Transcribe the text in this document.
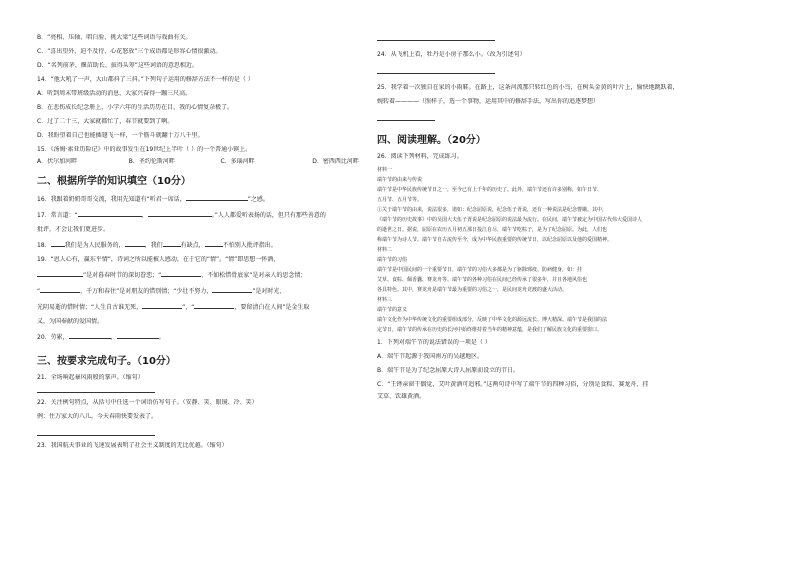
B．“亮相、压轴、唱白脸、挑大梁”这些词语与戏曲有关。

C．“喜出望外、迫不及待、心花怒放”三个成语都是形容心情很激动。

D．“名列前茅、揠苗助长、拔得头筹”这些词语的意思相近。

14．“他大吼了一声，大山都抖了三抖。”下列句子运用的修辞方法不一样的是（ ）

A．听到周末带班级活动的消息，大家兴奋得一蹦三尺高。

B．在悲伤成长纪念册上，小学六年的生活历历在目，我的心情复杂极了。

C．过了二十三，大家就都忙了，春节就要到了啊。

D．我盼望着自己也能插翅飞一样，一个筋斗就翻十万八千里。

15．《汤姆·索亚历险记》中的故事发生在19世纪上半叶（ ）的一个普通小镇上。

A．伏尔加河畔	B．圣约伦斯河畔	C．多瑙河畔	D．密西西比河畔

二、根据所学的知识填空（10分）

16．我跟着奶奶哥哥交流，我用先知道有“听君一席话，	”之感。

17．常言道：“	，	。”人人都爱听表扬的话，但只有那些善意的

批评，才会让我们更进步。

18． 我们是为人民服务的，	，我们	有缺点，	不怕别人批评指出。

19．“恩人心有，赢东平情”，诗词之所以能被人感动，在于它的“情”。“情”即思想一怀酒，

”是对暮春时节的深切眷恋；“	，不如松惜骨底家”是对亲人的思念情；

“	，千万和春住”是对朋友的惜别情；“少壮不努力，	”是对时光、

光阴易逝的惜时情；“人生自古谁无死，	”，“	，要留清白在人间”是金生取

义，为国奉献的爱国情。

20．劳累，	，	。

三、按要求完成句子。（10分）

21．全场响起暴风雨般的掌声。（缩句）

22．关注例句特点，从括号中任选一个词语仿写句子。（安静、笑、眼镜、冷、笑）

例：住万家大的八儿，今天春雨快要发表了。

23．我国航天事业的飞速发展表明了社会主义制度的无比优越。（缩句）

24．从飞机上看，牡丹是小房子那么小。（改为引述句）

25．我学着一次独自在家的小雨鞋。在路上，这条河流那只转红色的小鸟，在树头金黄的叶片上，愉快地跳跃着，

婉转着————（照样子，选一个事物，运用其中的修辞手法，写出你的追逐梦想）

四、阅读理解。（20分）

26．阅读下列材料，完成练习。

材料一
端午节的由来与传说
端午节是中华民族传统节日之一，至今已有上千年的历史了。此外，端午节还有许多别称，如午日节、
五月节、五月节等。
①关于端午节的由来，说法很多，诸如：纪念屈原说，纪念伍子胥说，还有一种说法是纪念曹娥。其中，
《端午节的历史故事》中的吴国大夫伍子胥说是纪念屈原的说法最为流行。在民间，端午节被定为中国古代伟大爱国诗人
的逝世之日。据说，屈原在农历五月初五那日投江自尽，端午节吃粽子，是为了纪念屈原。为此，人们也
称端午节为诗人节。端午节自古流传至今，成为中华民族重要的传统节日，以纪念屈原以及他的爱国精神。
材料二
端午节的习俗
端午节是中国民间的一个重要节日，端午节的习俗大多都是为了驱除邪疫、防病健身，如：挂
艾草、食粽、佩香囊、赛龙舟等。端午节的各种习俗在民间已经传承了很多年，并且各地风俗也
各具特色。其中，赛龙舟是端午节最为重要的习俗之一，是民间龙舟竞渡的盛大活动。
材料三
端午节的意义
端午文化作为中华传统文化的重要组成部分，反映了中华文化的源远流长、博大精深。端午节是我国的法
定节日，端午节的传承在历史的长河中始终维持着当年的精神意蕴，是我们了解民族文化的重要窗口。

1．下列对端午节的说法错误的一项是（ ）

A．端午节起源于我国南方的吴越地区。

B．端午节是为了纪念屈原大诗人屈原而设立的节日。

C．“王铎亲窗干偶觉，艾叶黄酒可追邪。”这两句诗中写了端午节的四种习俗，分别是食粽、赛龙舟、挂

艾草、饮雄黄酒。
